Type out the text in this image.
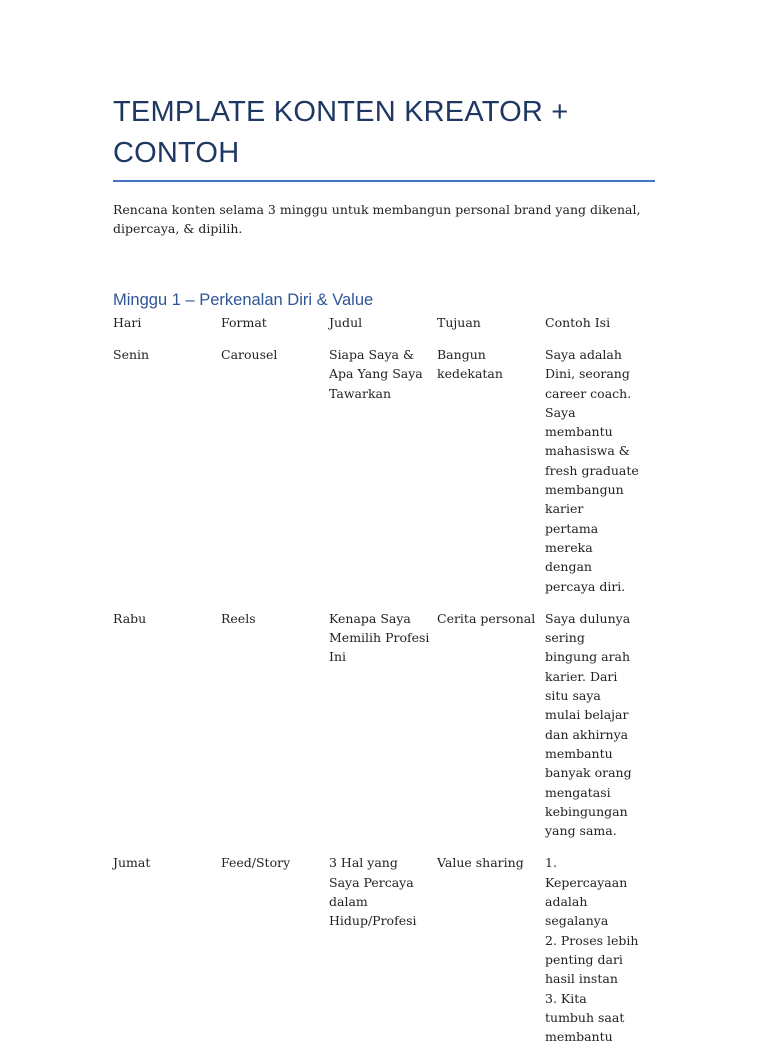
TEMPLATE KONTEN KREATOR + CONTOH

Rencana konten selama 3 minggu untuk membangun personal brand yang dikenal, dipercaya, & dipilih.

Minggu 1 – Perkenalan Diri & Value
Hari	Format	Judul	Tujuan	Contoh Isi

Senin	Carousel	Siapa Saya & Apa Yang Saya Tawarkan	Bangun kedekatan	Saya adalah Dini, seorang career coach. Saya membantu mahasiswa & fresh graduate membangun karier pertama mereka dengan percaya diri.

Rabu	Reels	Kenapa Saya Memilih Profesi Ini	Cerita personal	Saya dulunya sering bingung arah karier. Dari situ saya mulai belajar dan akhirnya membantu banyak orang mengatasi kebingungan yang sama.

Jumat	Feed/Story	3 Hal yang Saya Percaya dalam Hidup/Profesi	Value sharing	1. Kepercayaan adalah segalanya
2. Proses lebih penting dari hasil instan
3. Kita tumbuh saat membantu
